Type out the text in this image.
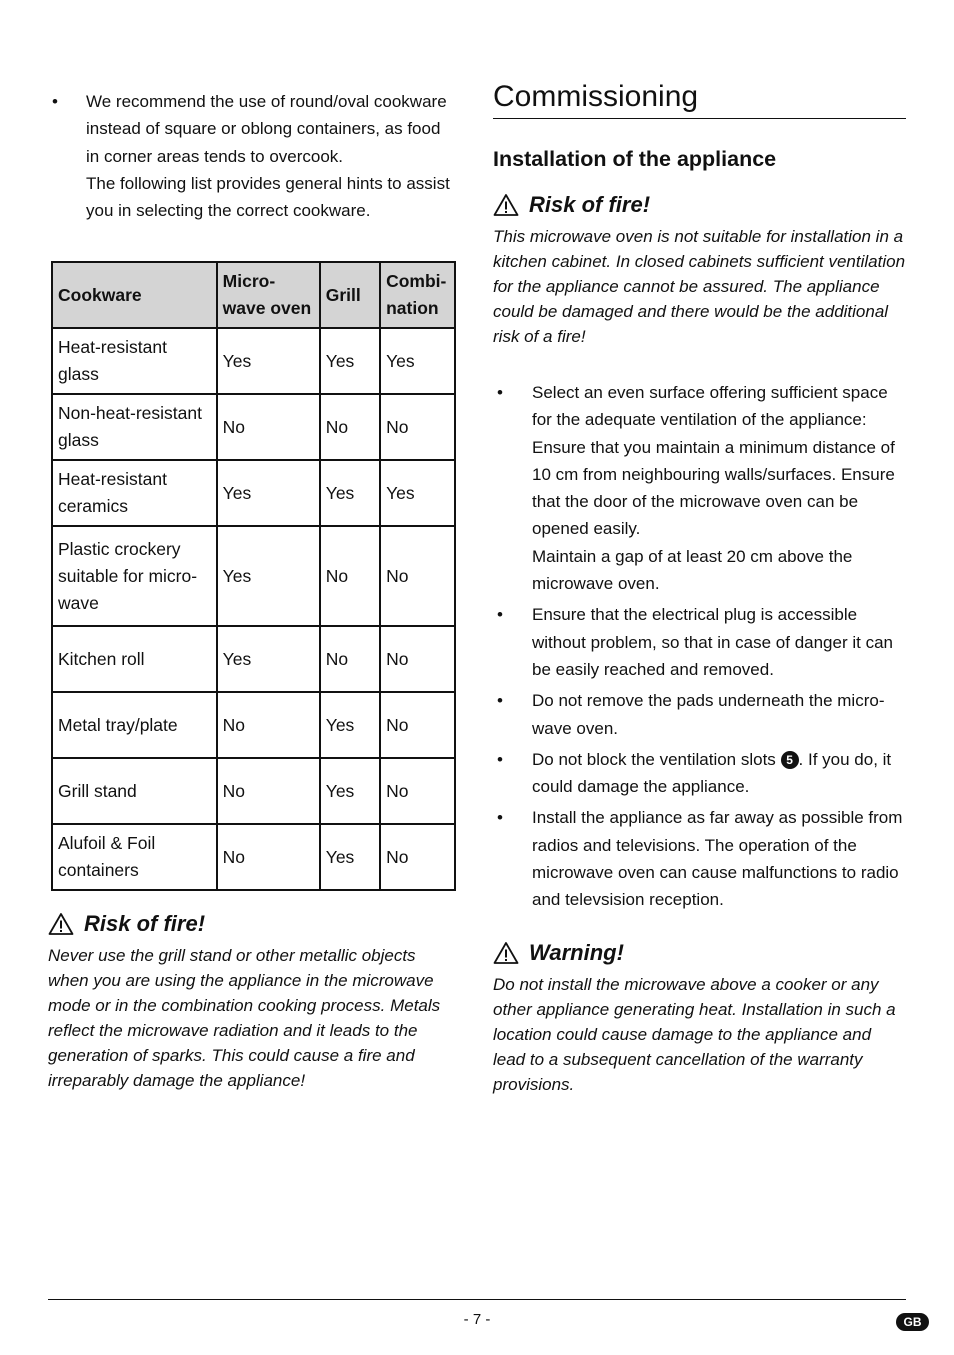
• We recommend the use of round/oval cookware instead of square or oblong containers, as food in corner areas tends to overcook.

The following list provides general hints to assist you in selecting the correct cookware.

Cookware	Micro-wave oven	Grill	Combi-nation
Heat-resistant glass	Yes	Yes	Yes
Non-heat-resistant glass	No	No	No
Heat-resistant ceramics	Yes	Yes	Yes
Plastic crockery suitable for micro-wave	Yes	No	No
Kitchen roll	Yes	No	No
Metal tray/plate	No	Yes	No
Grill stand	No	Yes	No
Alufoil & Foil containers	No	Yes	No
Risk of fire!

Never use the grill stand or other metallic objects when you are using the appliance in the microwave mode or in the combination cooking process. Metals reflect the microwave radiation and it leads to the generation of sparks. This could cause a fire and irreparably damage the appliance!

Commissioning
Installation of the appliance
Risk of fire!

This microwave oven is not suitable for installation in a kitchen cabinet. In closed cabinets sufficient ventilation for the appliance cannot be assured. The appliance could be damaged and there would be the additional risk of a fire!

• Select an even surface offering sufficient space for the adequate ventilation of the appliance: Ensure that you maintain a minimum distance of 10 cm from neighbouring walls/surfaces. Ensure that the door of the microwave oven can be opened easily.

Maintain a gap of at least 20 cm above the microwave oven.

• Ensure that the electrical plug is accessible without problem, so that in case of danger it can be easily reached and removed.

• Do not remove the pads underneath the micro-wave oven.

• Do not block the ventilation slots 5 . If you do, it could damage the appliance.

• Install the appliance as far away as possible from radios and televisions. The operation of the microwave oven can cause malfunctions to radio and televsision reception.

Warning!

Do not install the microwave above a cooker or any other appliance generating heat. Installation in such a location could cause damage to the appliance and lead to a subsequent cancellation of the warranty provisions.

- 7 -	GB
